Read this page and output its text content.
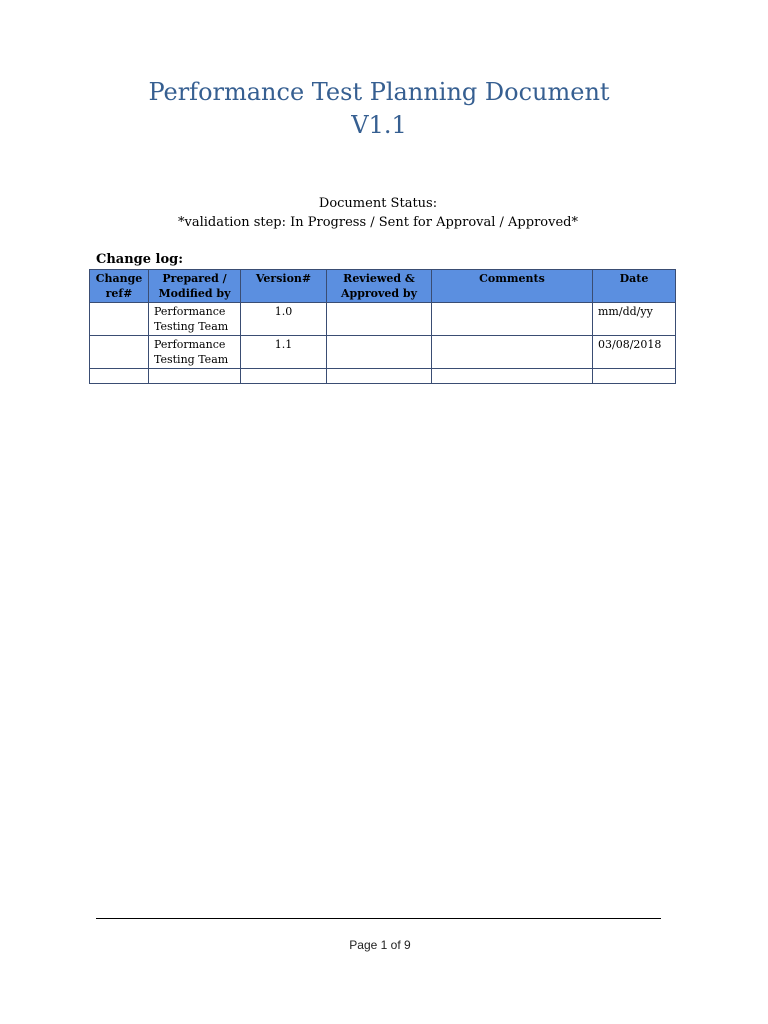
Performance Test Planning Document
V1.1
Document Status:
*validation step: In Progress / Sent for Approval / Approved*
Change log:
Change ref#	Prepared / Modified by	Version#	Reviewed & Approved by	Comments	Date
	Performance Testing Team	1.0			mm/dd/yy
	Performance Testing Team	1.1			03/08/2018

Page 1 of 9
